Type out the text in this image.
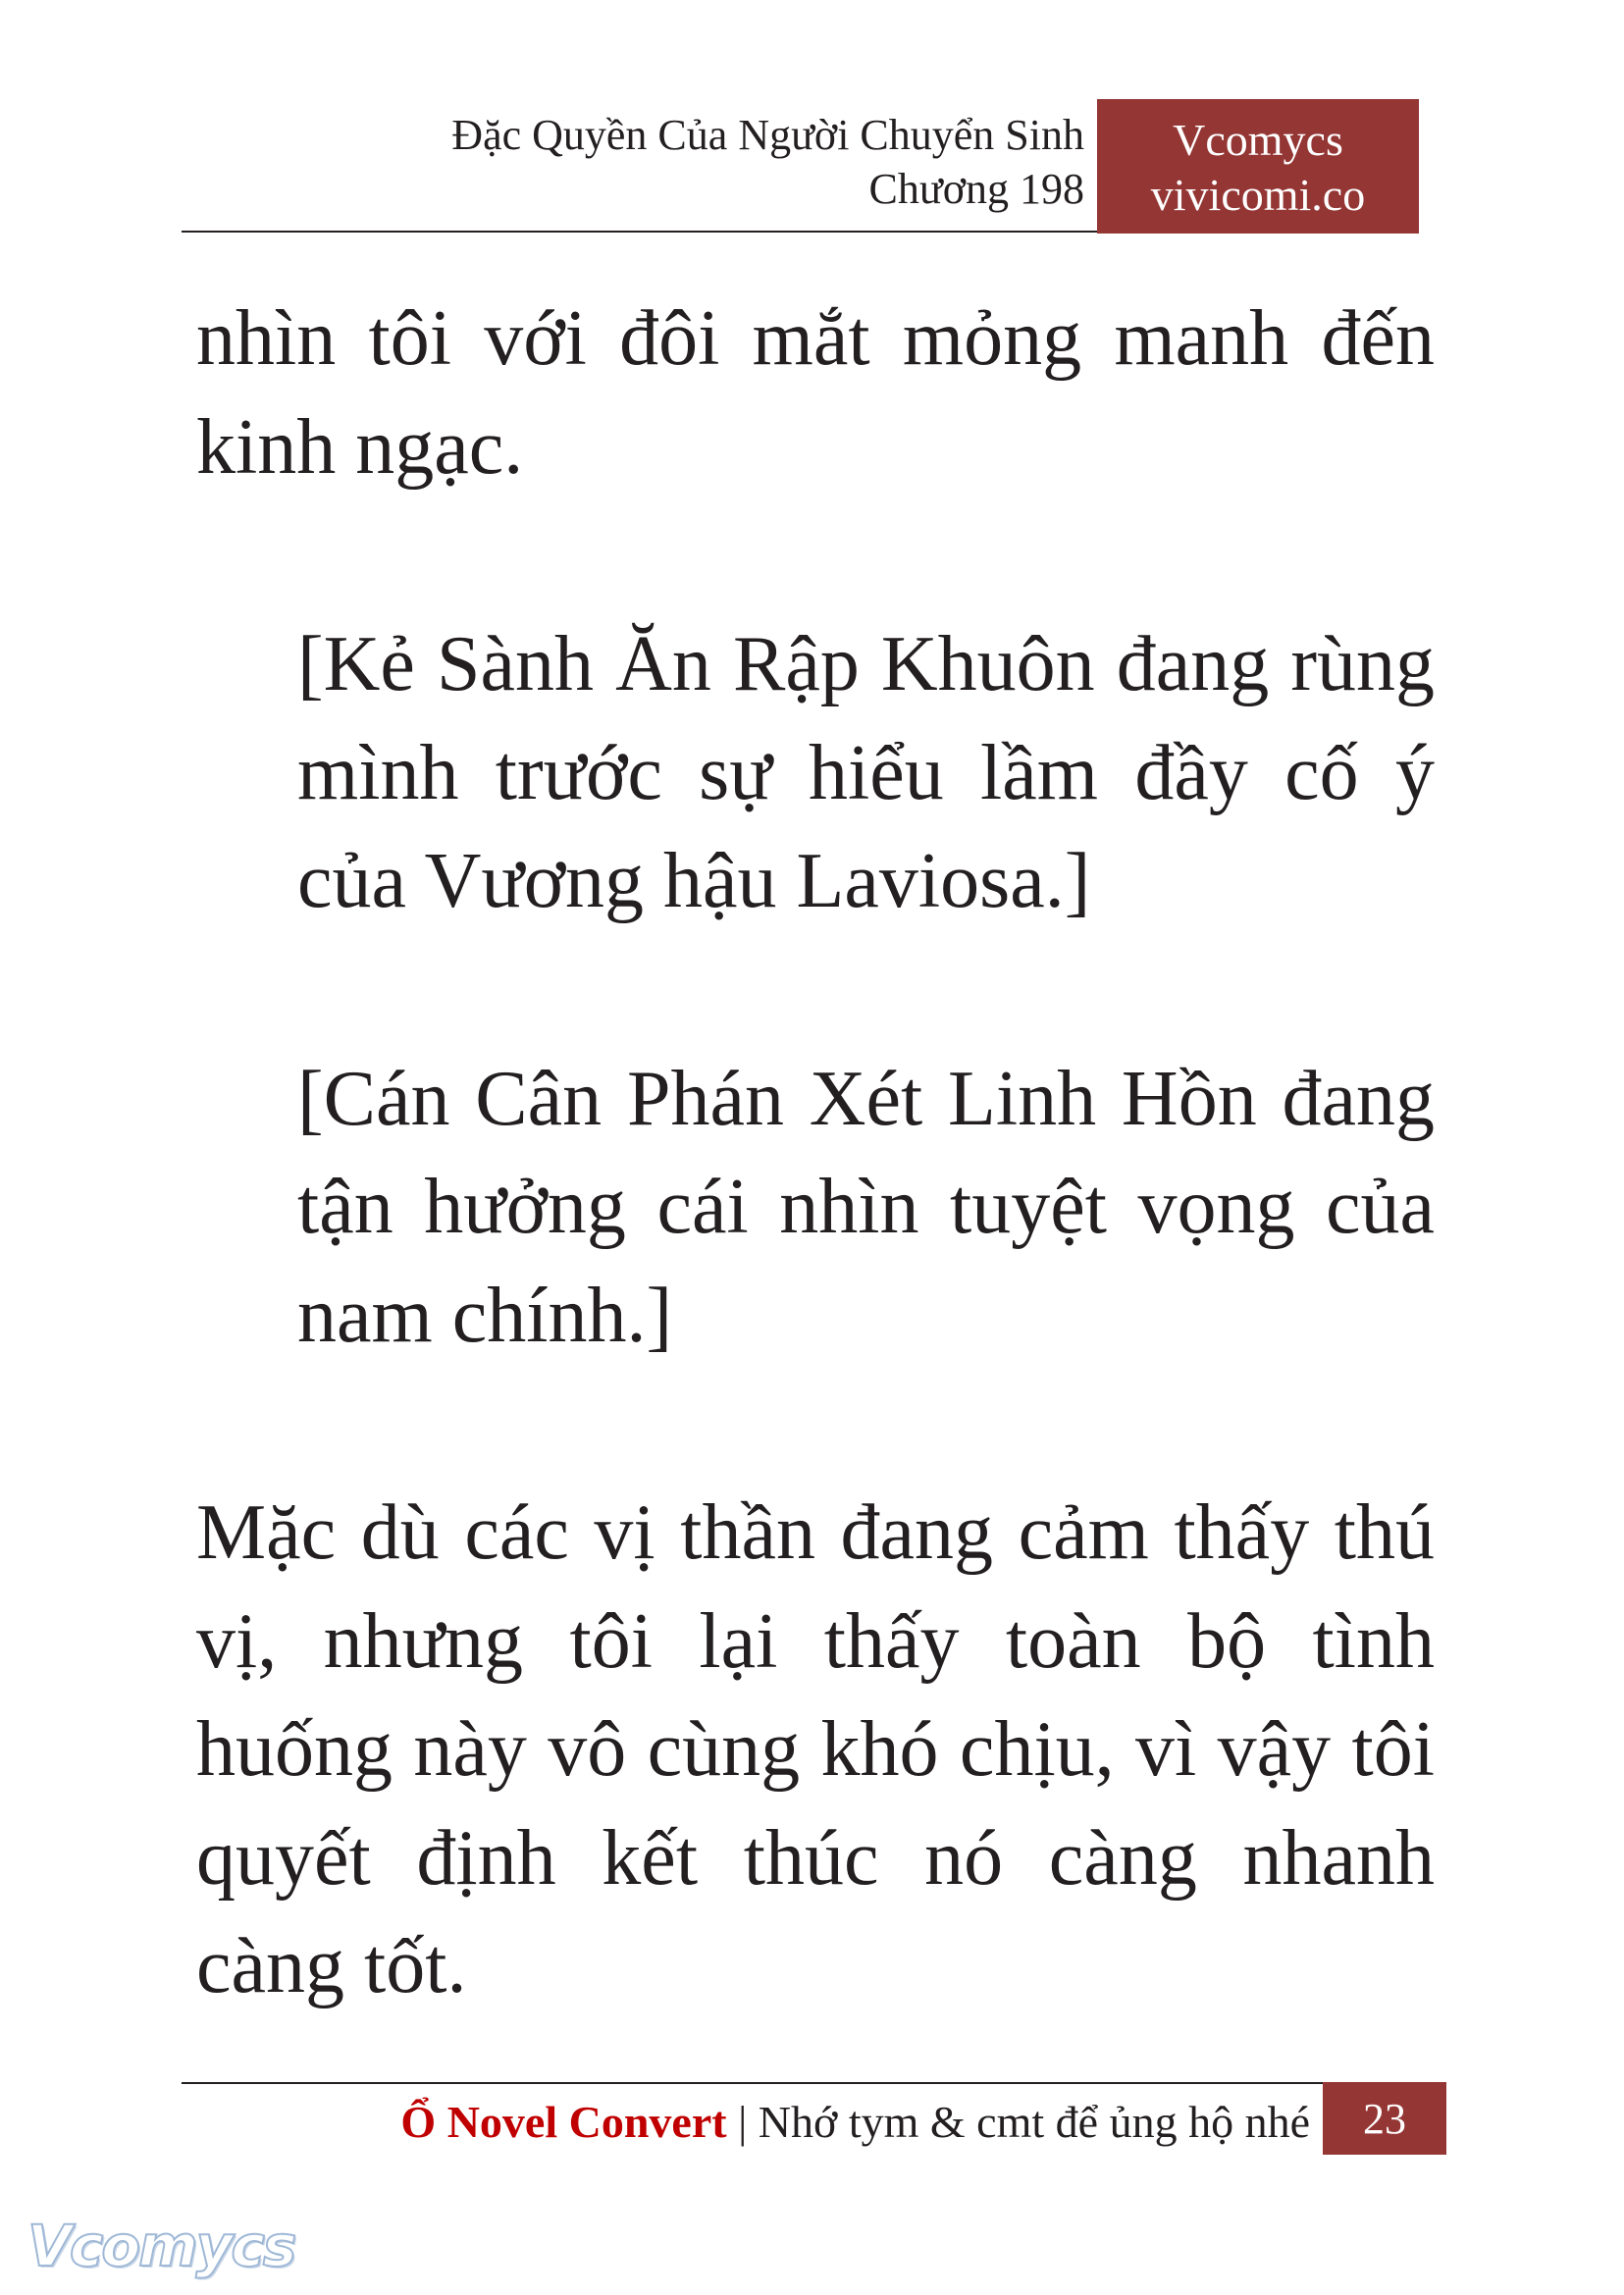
Đặc Quyền Của Người Chuyển Sinh
Chương 198
Vcomycs
vivicomi.co

nhìn tôi với đôi mắt mỏng manh đến kinh ngạc.

[Kẻ Sành Ăn Rập Khuôn đang rùng mình trước sự hiểu lầm đầy cố ý của Vương hậu Laviosa.]

[Cán Cân Phán Xét Linh Hồn đang tận hưởng cái nhìn tuyệt vọng của nam chính.]

Mặc dù các vị thần đang cảm thấy thú vị, nhưng tôi lại thấy toàn bộ tình huống này vô cùng khó chịu, vì vậy tôi quyết định kết thúc nó càng nhanh càng tốt.

Ổ Novel Convert | Nhớ tym & cmt để ủng hộ nhé	23
Vcomycs
